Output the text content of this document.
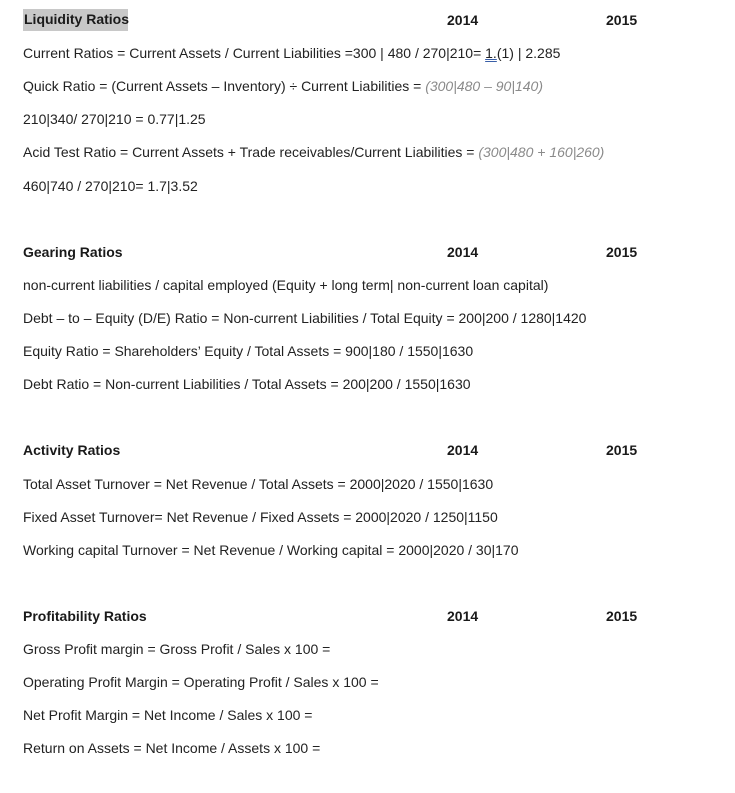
Liquidity Ratios	2014	2015
Current Ratios = Current Assets / Current Liabilities =300 | 480 / 270|210= 1.(1) | 2.285
Quick Ratio = (Current Assets – Inventory) ÷ Current Liabilities = (300|480 – 90|140)
210|340/ 270|210 = 0.77|1.25
Acid Test Ratio = Current Assets + Trade receivables/Current Liabilities = (300|480 + 160|260)
460|740 / 270|210= 1.7|3.52
Gearing Ratios	2014	2015
non-current liabilities / capital employed (Equity + long term| non-current loan capital)
Debt – to – Equity (D/E) Ratio = Non-current Liabilities / Total Equity = 200|200 / 1280|1420
Equity Ratio = Shareholders’ Equity / Total Assets = 900|180 / 1550|1630
Debt Ratio = Non-current Liabilities / Total Assets = 200|200 / 1550|1630
Activity Ratios	2014	2015
Total Asset Turnover = Net Revenue / Total Assets = 2000|2020 / 1550|1630
Fixed Asset Turnover= Net Revenue / Fixed Assets = 2000|2020 / 1250|1150
Working capital Turnover = Net Revenue / Working capital = 2000|2020 / 30|170
Profitability Ratios	2014	2015
Gross Profit margin = Gross Profit / Sales x 100 =
Operating Profit Margin = Operating Profit / Sales x 100 =
Net Profit Margin = Net Income / Sales x 100 =
Return on Assets = Net Income / Assets x 100 =
